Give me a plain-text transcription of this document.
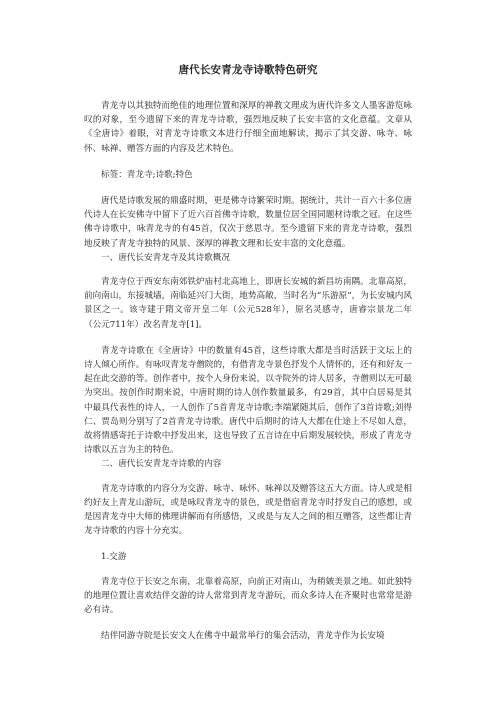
唐代长安青龙寺诗歌特色研究

青龙寺以其独特而绝佳的地理位置和深厚的禅教文理成为唐代许多文人墨客游览咏叹的对象，至今遗留下来的青龙寺诗歌，强烈地反映了长安丰富的文化意蕴。文章从《全唐诗》着眼，对青龙寺诗歌文本进行仔细全面地解读，揭示了其交游、咏寺、咏怀、咏禅、赠答方面的内容及艺术特色。

标签：青龙寺;诗歌;特色

唐代是诗歌发展的鼎盛时期，更是佛寺诗繁荣时期。据统计，共计一百六十多位唐代诗人在长安佛寺中留下了近六百首佛寺诗歌，数量位居全国同题材诗歌之冠。在这些佛寺诗歌中，咏青龙寺的有45首，仅次于慈恩寺。至今遗留下来的青龙寺诗歌，强烈地反映了青龙寺独特的风景、深厚的禅教文理和长安丰富的文化意蕴。

一、唐代长安青龙寺及其诗歌概况

青龙寺位于西安东南郊铁炉庙村北高地上，即唐长安城的新昌坊南隅。北靠高原，前向南山，东接城墙，南临延兴门大街，地势高敞，当时名为“乐游原”，为长安城内风景区之一。该寺建于隋文帝开皇二年（公元528年），原名灵感寺，唐睿宗景龙二年（公元711年）改名青龙寺[1]。

青龙寺诗歌在《全唐诗》中的数量有45首，这些诗歌大都是当时活跃于文坛上的诗人倾心所作。有咏叹青龙寺僧院的，有借青龙寺景色抒发个人情怀的，还有和好友一起在此交游的等。创作者中，按个人身份来说，以寺院外的诗人居多，寺僧则以无可最为突出。按创作时期来说，中唐时期的诗人创作数量最多，有29首，其中白居易是其中最具代表性的诗人，一人创作了5首青龙寺诗歌;李端紧随其后，创作了3首诗歌;刘得仁、贾岛则分别写了2首青龙寺诗歌。唐代中后期时的诗人大都在仕途上不尽如人意，故将情感寄托于诗歌中抒发出来，这也导致了五言诗在中后期发展较快，形成了青龙寺诗歌以五言为主的特色。

二、唐代长安青龙寺诗歌的内容

青龙寺诗歌的内容分为交游、咏寺、咏怀、咏禅以及赠答这五大方面。诗人或是相约好友上青龙山游玩，或是咏叹青龙寺的景色，或是借宿青龙寺时抒发自己的感想，或是因青龙寺中大师的佛理讲解而有所感悟，又或是与友人之间的相互赠答，这些都让青龙寺诗歌的内容十分充实。

1.交游

青龙寺位于长安之东南，北靠着高原，向前正对南山，为稍皴美景之地。如此独特的地理位置让喜欢结伴交游的诗人常常到青龙寺游玩，而众多诗人在齐聚时也常常是游必有诗。

结伴同游寺院是长安文人在佛寺中最常举行的集会活动，青龙寺作为长安境
